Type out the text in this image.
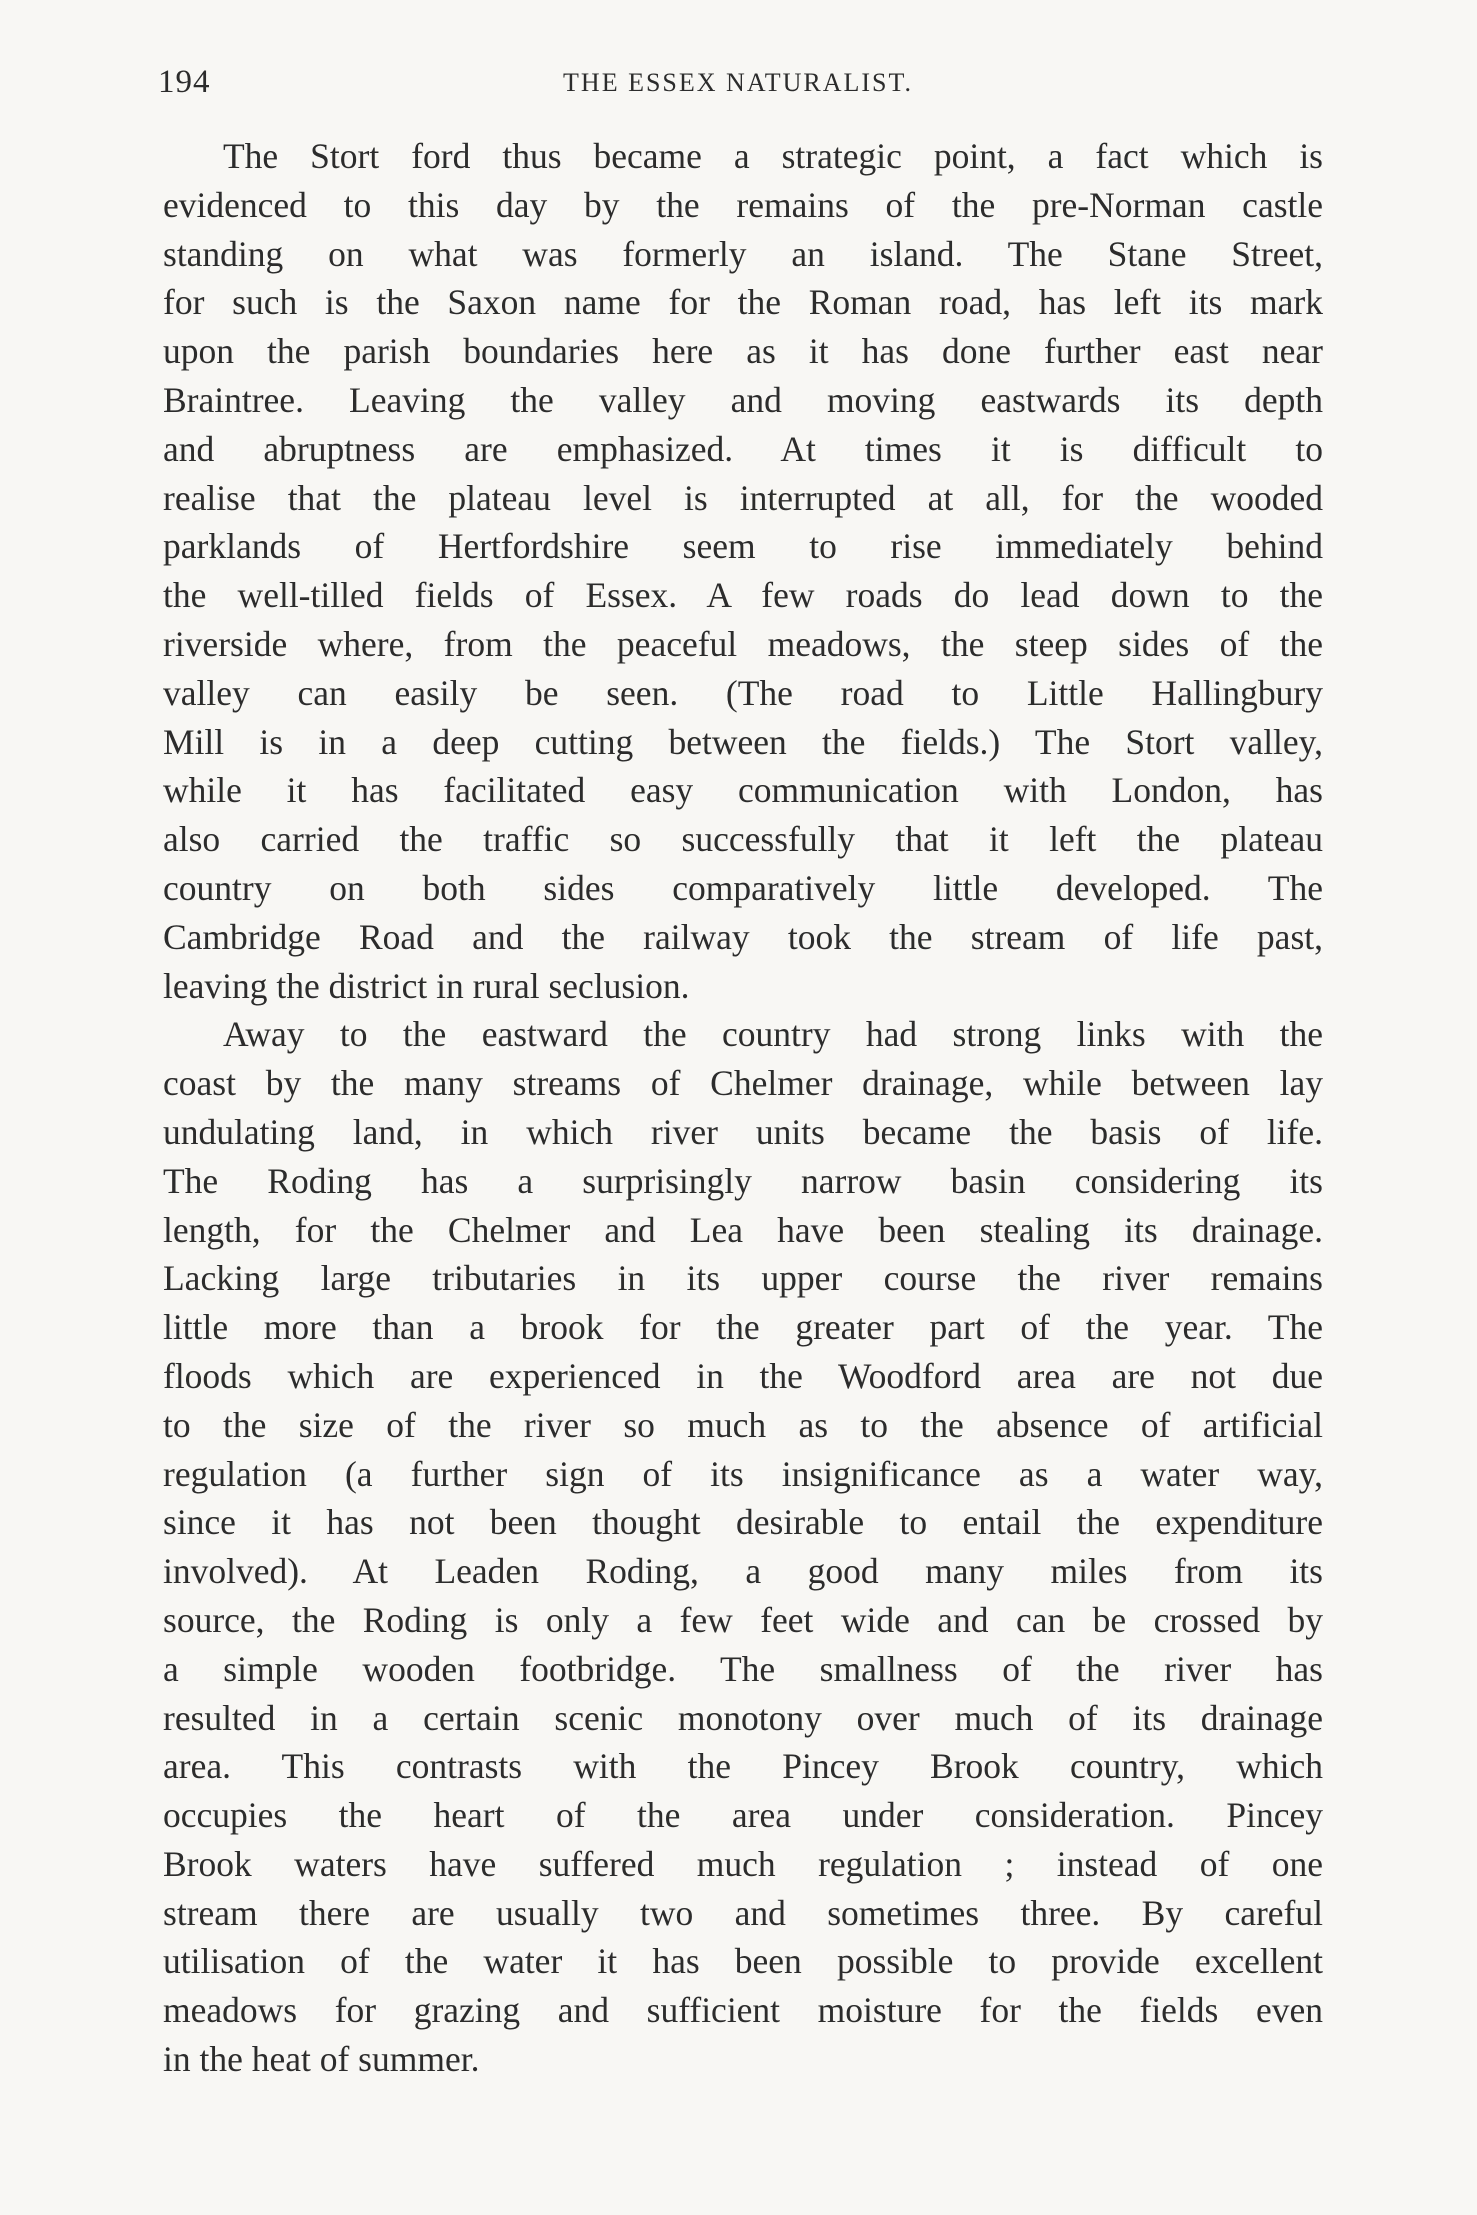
194	THE ESSEX NATURALIST.
The Stort ford thus became a strategic point, a fact which is
evidenced to this day by the remains of the pre-Norman castle
standing on what was formerly an island. The Stane Street,
for such is the Saxon name for the Roman road, has left its mark
upon the parish boundaries here as it has done further east near
Braintree. Leaving the valley and moving eastwards its depth
and abruptness are emphasized. At times it is difficult to
realise that the plateau level is interrupted at all, for the wooded
parklands of Hertfordshire seem to rise immediately behind
the well-tilled fields of Essex. A few roads do lead down to the
riverside where, from the peaceful meadows, the steep sides of the
valley can easily be seen. (The road to Little Hallingbury
Mill is in a deep cutting between the fields.) The Stort valley,
while it has facilitated easy communication with London, has
also carried the traffic so successfully that it left the plateau
country on both sides comparatively little developed. The
Cambridge Road and the railway took the stream of life past,
leaving the district in rural seclusion.
Away to the eastward the country had strong links with the
coast by the many streams of Chelmer drainage, while between lay
undulating land, in which river units became the basis of life.
The Roding has a surprisingly narrow basin considering its
length, for the Chelmer and Lea have been stealing its drainage.
Lacking large tributaries in its upper course the river remains
little more than a brook for the greater part of the year. The
floods which are experienced in the Woodford area are not due
to the size of the river so much as to the absence of artificial
regulation (a further sign of its insignificance as a water way,
since it has not been thought desirable to entail the expenditure
involved). At Leaden Roding, a good many miles from its
source, the Roding is only a few feet wide and can be crossed by
a simple wooden footbridge. The smallness of the river has
resulted in a certain scenic monotony over much of its drainage
area. This contrasts with the Pincey Brook country, which
occupies the heart of the area under consideration. Pincey
Brook waters have suffered much regulation ; instead of one
stream there are usually two and sometimes three. By careful
utilisation of the water it has been possible to provide excellent
meadows for grazing and sufficient moisture for the fields even
in the heat of summer.
